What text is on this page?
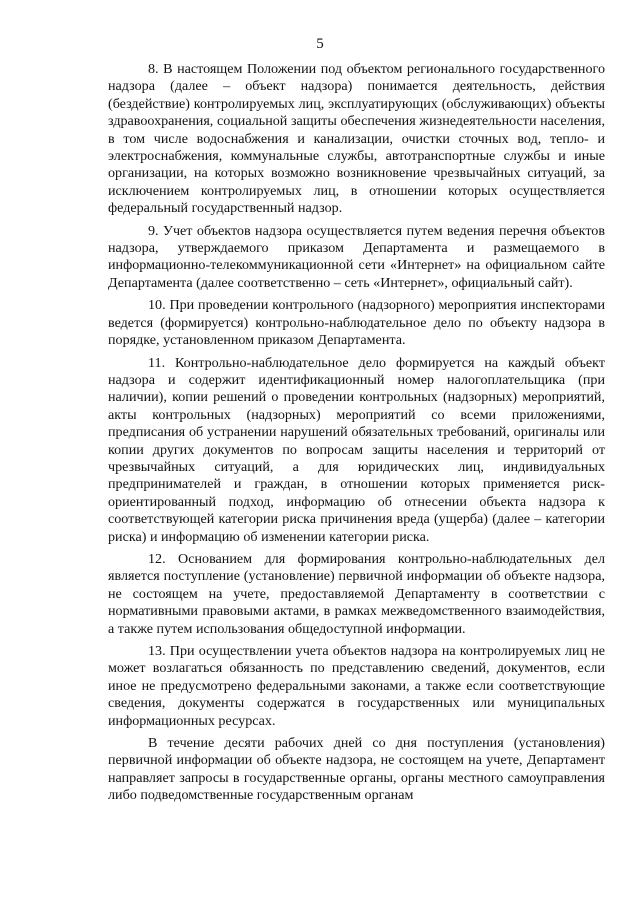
5

8. В настоящем Положении под объектом регионального государственного надзора (далее – объект надзора) понимается деятельность, действия (бездействие) контролируемых лиц, эксплуатирующих (обслуживающих) объекты здравоохранения, социальной защиты обеспечения жизнедеятельности населения, в том числе водоснабжения и канализации, очистки сточных вод, тепло- и электроснабжения, коммунальные службы, автотранспортные службы и иные организации, на которых возможно возникновение чрезвычайных ситуаций, за исключением контролируемых лиц, в отношении которых осуществляется федеральный государственный надзор.

9. Учет объектов надзора осуществляется путем ведения перечня объектов надзора, утверждаемого приказом Департамента и размещаемого в информационно-телекоммуникационной сети «Интернет» на официальном сайте Департамента (далее соответственно – сеть «Интернет», официальный сайт).

10. При проведении контрольного (надзорного) мероприятия инспекторами ведется (формируется) контрольно-наблюдательное дело по объекту надзора в порядке, установленном приказом Департамента.

11. Контрольно-наблюдательное дело формируется на каждый объект надзора и содержит идентификационный номер налогоплательщика (при наличии), копии решений о проведении контрольных (надзорных) мероприятий, акты контрольных (надзорных) мероприятий со всеми приложениями, предписания об устранении нарушений обязательных требований, оригиналы или копии других документов по вопросам защиты населения и территорий от чрезвычайных ситуаций, а для юридических лиц, индивидуальных предпринимателей и граждан, в отношении которых применяется риск-ориентированный подход, информацию об отнесении объекта надзора к соответствующей категории риска причинения вреда (ущерба) (далее – категории риска) и информацию об изменении категории риска.

12. Основанием для формирования контрольно-наблюдательных дел является поступление (установление) первичной информации об объекте надзора, не состоящем на учете, предоставляемой Департаменту в соответствии с нормативными правовыми актами, в рамках межведомственного взаимодействия, а также путем использования общедоступной информации.

13. При осуществлении учета объектов надзора на контролируемых лиц не может возлагаться обязанность по представлению сведений, документов, если иное не предусмотрено федеральными законами, а также если соответствующие сведения, документы содержатся в государственных или муниципальных информационных ресурсах.

В течение десяти рабочих дней со дня поступления (установления) первичной информации об объекте надзора, не состоящем на учете, Департамент направляет запросы в государственные органы, органы местного самоуправления либо подведомственные государственным органам
